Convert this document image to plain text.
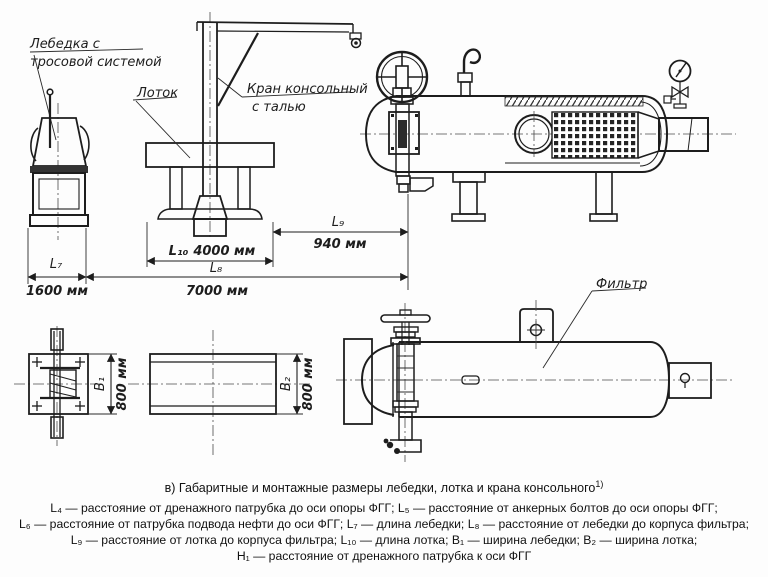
Лебедка с
тросовой системой
Лоток	Кран консольный
с талью
L₉
940 мм
L₁₀ 4000 мм
L₇
1600 мм
L₈
7000 мм
B₁ 800 мм	B₂ 800 мм
Фильтр
в) Габаритные и монтажные размеры лебедки, лотка и крана консольного$^{1)}$
L₄ — расстояние от дренажного патрубка до оси опоры ФГГ; L₅ — расстояние от анкерных болтов до оси опоры ФГГ;
L₆ — расстояние от патрубка подвода нефти до оси ФГГ; L₇ — длина лебедки; L₈ — расстояние от лебедки до корпуса фильтра;
L₉ — расстояние от лотка до корпуса фильтра; L₁₀ — длина лотка; B₁ — ширина лебедки; B₂ — ширина лотка;
H₁ — расстояние от дренажного патрубка к оси ФГГ
